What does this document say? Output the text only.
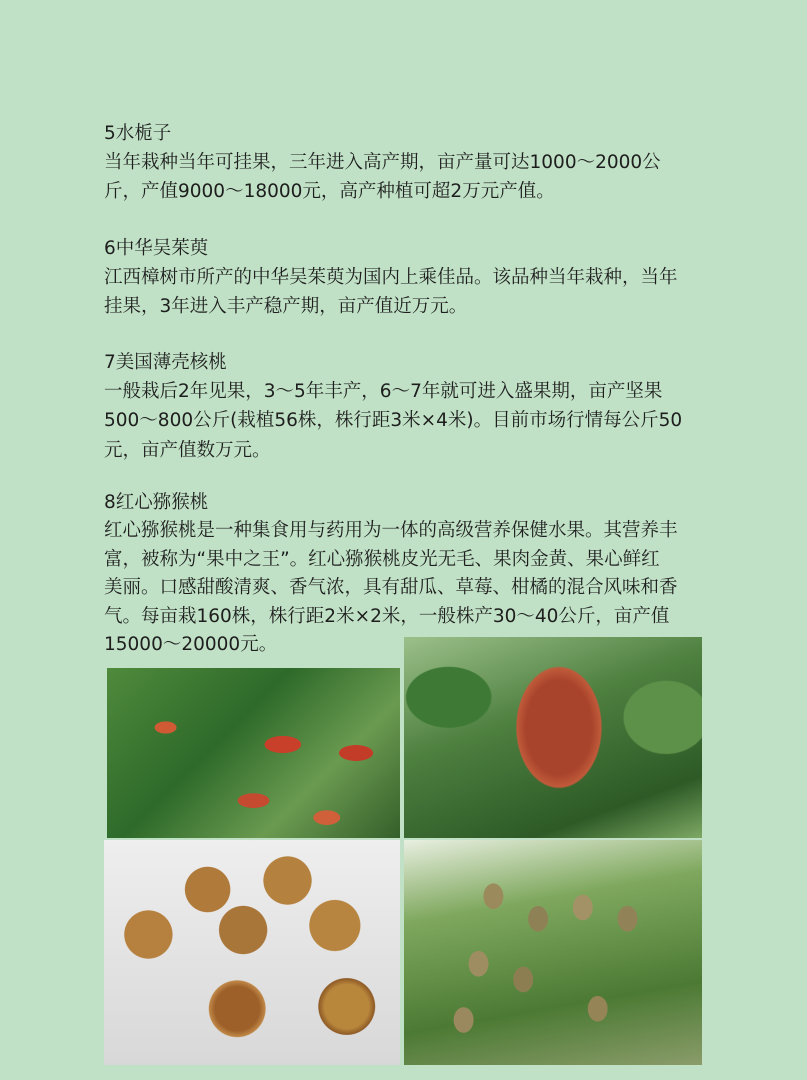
5水栀子
当年栽种当年可挂果，三年进入高产期，亩产量可达1000～2000公
斤，产值9000～18000元，高产种植可超2万元产值。
6中华吴茱萸
江西樟树市所产的中华吴茱萸为国内上乘佳品。该品种当年栽种，当年
挂果，3年进入丰产稳产期，亩产值近万元。
7美国薄壳核桃
一般栽后2年见果，3～5年丰产，6～7年就可进入盛果期，亩产坚果
500～800公斤(栽植56株，株行距3米×4米)。目前市场行情每公斤50
元，亩产值数万元。
8红心猕猴桃
红心猕猴桃是一种集食用与药用为一体的高级营养保健水果。其营养丰
富，被称为“果中之王”。红心猕猴桃皮光无毛、果肉金黄、果心鲜红
美丽。口感甜酸清爽、香气浓，具有甜瓜、草莓、柑橘的混合风味和香
气。每亩栽160株，株行距2米×2米，一般株产30～40公斤，亩产值
15000～20000元。
